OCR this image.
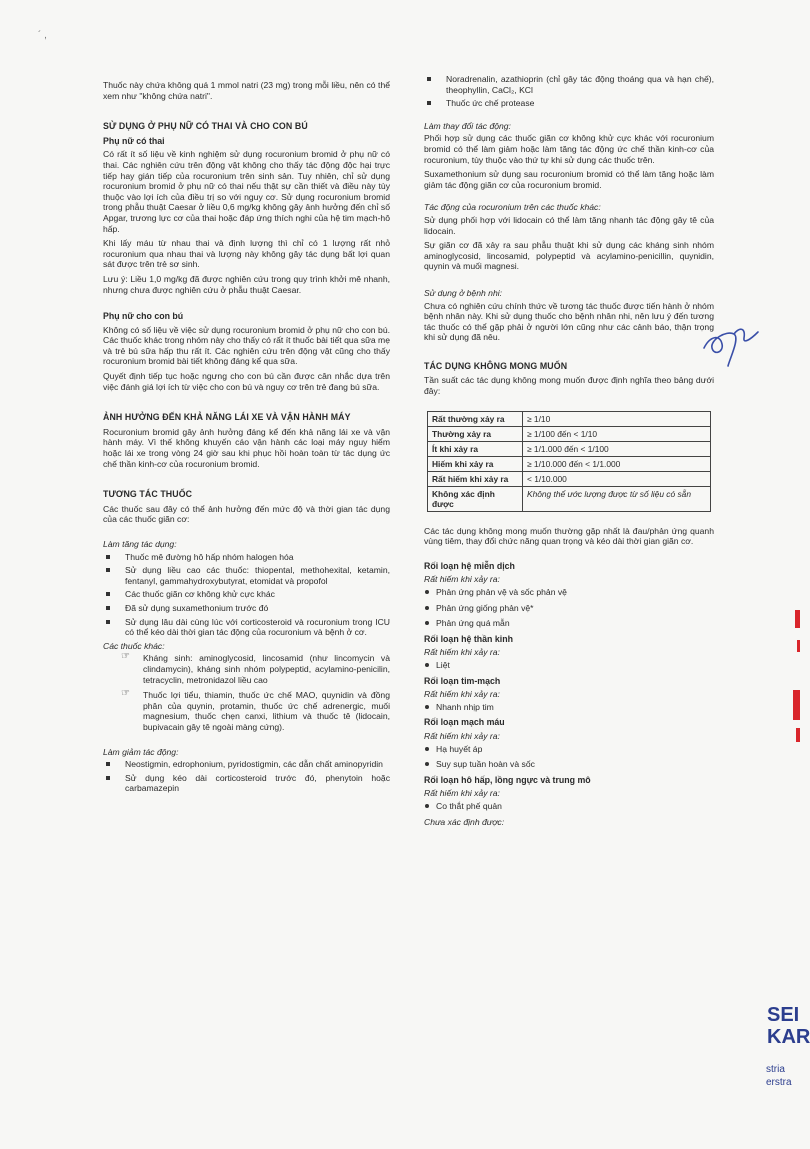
´ ,

Thuốc này chứa không quá 1 mmol natri (23 mg) trong mỗi liều, nên có thể xem như "không chứa natri".

SỬ DỤNG Ở PHỤ NỮ CÓ THAI VÀ CHO CON BÚ
Phụ nữ có thai

Có rất ít số liệu về kinh nghiệm sử dụng rocuronium bromid ở phụ nữ có thai. Các nghiên cứu trên động vật không cho thấy tác động độc hại trực tiếp hay gián tiếp của rocuronium trên sinh sản. Tuy nhiên, chỉ sử dụng rocuronium bromid ở phụ nữ có thai nếu thật sự cần thiết và điều này tùy thuộc vào lợi ích của điều trị so với nguy cơ. Sử dụng rocuronium bromid trong phẫu thuật Caesar ở liều 0,6 mg/kg không gây ảnh hưởng đến chỉ số Apgar, trương lực cơ của thai hoặc đáp ứng thích nghi của hệ tim mạch-hô hấp.

Khi lấy máu từ nhau thai và định lượng thì chỉ có 1 lượng rất nhỏ rocuronium qua nhau thai và lượng này không gây tác dụng bất lợi quan sát được trên trẻ sơ sinh.

Lưu ý: Liều 1,0 mg/kg đã được nghiên cứu trong quy trình khởi mê nhanh, nhưng chưa được nghiên cứu ở phẫu thuật Caesar.

Phụ nữ cho con bú

Không có số liệu về việc sử dụng rocuronium bromid ở phụ nữ cho con bú. Các thuốc khác trong nhóm này cho thấy có rất ít thuốc bài tiết qua sữa mẹ và trẻ bú sữa hấp thu rất ít. Các nghiên cứu trên động vật cũng cho thấy rocuronium bromid bài tiết không đáng kể qua sữa.

Quyết định tiếp tục hoặc ngưng cho con bú cần được cân nhắc dựa trên việc đánh giá lợi ích từ việc cho con bú và nguy cơ trên trẻ đang bú sữa.

ẢNH HƯỞNG ĐẾN KHẢ NĂNG LÁI XE VÀ VẬN HÀNH MÁY

Rocuronium bromid gây ảnh hưởng đáng kể đến khả năng lái xe và vận hành máy. Vì thế không khuyến cáo vận hành các loại máy nguy hiểm hoặc lái xe trong vòng 24 giờ sau khi phục hồi hoàn toàn từ tác dụng ức chế thần kinh-cơ của rocuronium bromid.

TƯƠNG TÁC THUỐC

Các thuốc sau đây có thể ảnh hưởng đến mức độ và thời gian tác dụng của các thuốc giãn cơ:

Làm tăng tác dụng:
Thuốc mê đường hô hấp nhóm halogen hóa
Sử dụng liều cao các thuốc: thiopental, methohexital, ketamin, fentanyl, gammahydroxybutyrat, etomidat và propofol
Các thuốc giãn cơ không khử cực khác
Đã sử dụng suxamethonium trước đó
Sử dụng lâu dài cùng lúc với corticosteroid và rocuronium trong ICU có thể kéo dài thời gian tác động của rocuronium và bệnh ở cơ.
Các thuốc khác:
☞ Kháng sinh: aminoglycosid, lincosamid (như lincomycin và clindamycin), kháng sinh nhóm polypeptid, acylamino-penicilin, tetracyclin, metronidazol liều cao
☞ Thuốc lợi tiểu, thiamin, thuốc ức chế MAO, quynidin và đồng phân của quynin, protamin, thuốc ức chế adrenergic, muối magnesium, thuốc chẹn canxi, lithium và thuốc tê (lidocain, bupivacain gây tê ngoài màng cứng).
Làm giảm tác động:
Neostigmin, edrophonium, pyridostigmin, các dẫn chất aminopyridin
Sử dụng kéo dài corticosteroid trước đó, phenytoin hoặc carbamazepin
Noradrenalin, azathioprin (chỉ gây tác động thoáng qua và hạn chế), theophyllin, CaCl₂, KCl
Thuốc ức chế protease
Làm thay đổi tác động:

Phối hợp sử dụng các thuốc giãn cơ không khử cực khác với rocuronium bromid có thể làm giảm hoặc làm tăng tác động ức chế thần kinh-cơ của rocuronium, tùy thuộc vào thứ tự khi sử dụng các thuốc trên.

Suxamethonium sử dụng sau rocuronium bromid có thể làm tăng hoặc làm giảm tác động giãn cơ của rocuronium bromid.

Tác động của rocuronium trên các thuốc khác:

Sử dụng phối hợp với lidocain có thể làm tăng nhanh tác động gây tê của lidocain.

Sự giãn cơ đã xảy ra sau phẫu thuật khi sử dụng các kháng sinh nhóm aminoglycosid, lincosamid, polypeptid và acylamino-penicillin, quynidin, quynin và muối magnesi.

Sử dụng ở bệnh nhi:

Chưa có nghiên cứu chính thức về tương tác thuốc được tiến hành ở nhóm bệnh nhân này. Khi sử dụng thuốc cho bệnh nhân nhi, nên lưu ý đến tương tác thuốc có thể gặp phải ở người lớn cũng như các cảnh báo, thận trọng khi sử dụng đã nêu.

TÁC DỤNG KHÔNG MONG MUỐN

Tần suất các tác dụng không mong muốn được định nghĩa theo bảng dưới đây:

Rất thường xảy ra	≥ 1/10
Thường xảy ra	≥ 1/100 đến < 1/10
Ít khi xảy ra	≥ 1/1.000 đến < 1/100
Hiếm khi xảy ra	≥ 1/10.000 đến < 1/1.000
Rất hiếm khi xảy ra	< 1/10.000
Không xác định được	Không thể ước lượng được từ số liệu có sẵn

Các tác dụng không mong muốn thường gặp nhất là đau/phản ứng quanh vùng tiêm, thay đổi chức năng quan trọng và kéo dài thời gian giãn cơ.

Rối loạn hệ miễn dịch
Rất hiếm khi xảy ra:
Phản ứng phản vệ và sốc phản vệ
Phản ứng giống phản vệ*
Phản ứng quá mẫn
Rối loạn hệ thần kinh
Rất hiếm khi xảy ra:
Liệt
Rối loạn tim-mạch
Rất hiếm khi xảy ra:
Nhanh nhịp tim
Rối loạn mạch máu
Rất hiếm khi xảy ra:
Hạ huyết áp
Suy sụp tuần hoàn và sốc
Rối loạn hô hấp, lồng ngực và trung mô
Rất hiếm khi xảy ra:
Co thắt phế quản
Chưa xác định được:
SEI
KAR
stria
erstra
